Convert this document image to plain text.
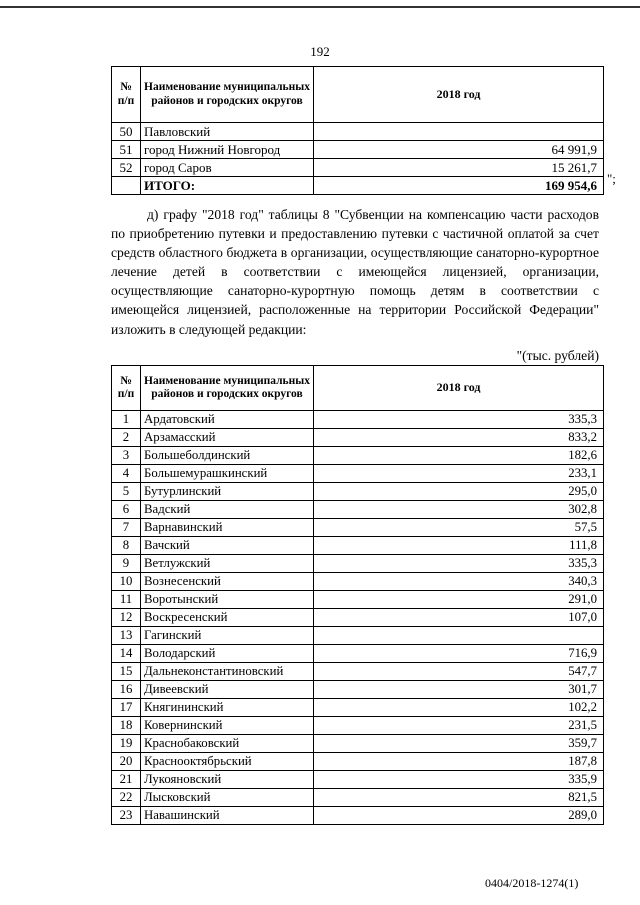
192
№ п/п	Наименование муниципальных районов и городских округов	2018 год
50	Павловский	
51	город Нижний Новгород	64 991,9
52	город Саров	15 261,7
	ИТОГО:	169 954,6 ";

д) графу "2018 год" таблицы 8 "Субвенции на компенсацию части расходов по приобретению путевки и предоставлению путевки с частичной оплатой за счет средств областного бюджета в организации, осуществляющие санаторно-курортное лечение детей в соответствии с имеющейся лицензией, организации, осуществляющие санаторно-курортную помощь детям в соответствии с имеющейся лицензией, расположенные на территории Российской Федерации" изложить в следующей редакции:

"(тыс. рублей)
№ п/п	Наименование муниципальных районов и городских округов	2018 год
1	Ардатовский	335,3
2	Арзамасский	833,2
3	Большеболдинский	182,6
4	Большемурашкинский	233,1
5	Бутурлинский	295,0
6	Вадский	302,8
7	Варнавинский	57,5
8	Вачский	111,8
9	Ветлужский	335,3
10	Вознесенский	340,3
11	Воротынский	291,0
12	Воскресенский	107,0
13	Гагинский	
14	Володарский	716,9
15	Дальнеконстантиновский	547,7
16	Дивеевский	301,7
17	Княгининский	102,2
18	Ковернинский	231,5
19	Краснобаковский	359,7
20	Краснооктябрьский	187,8
21	Лукояновский	335,9
22	Лысковский	821,5
23	Навашинский	289,0
0404/2018-1274(1)
